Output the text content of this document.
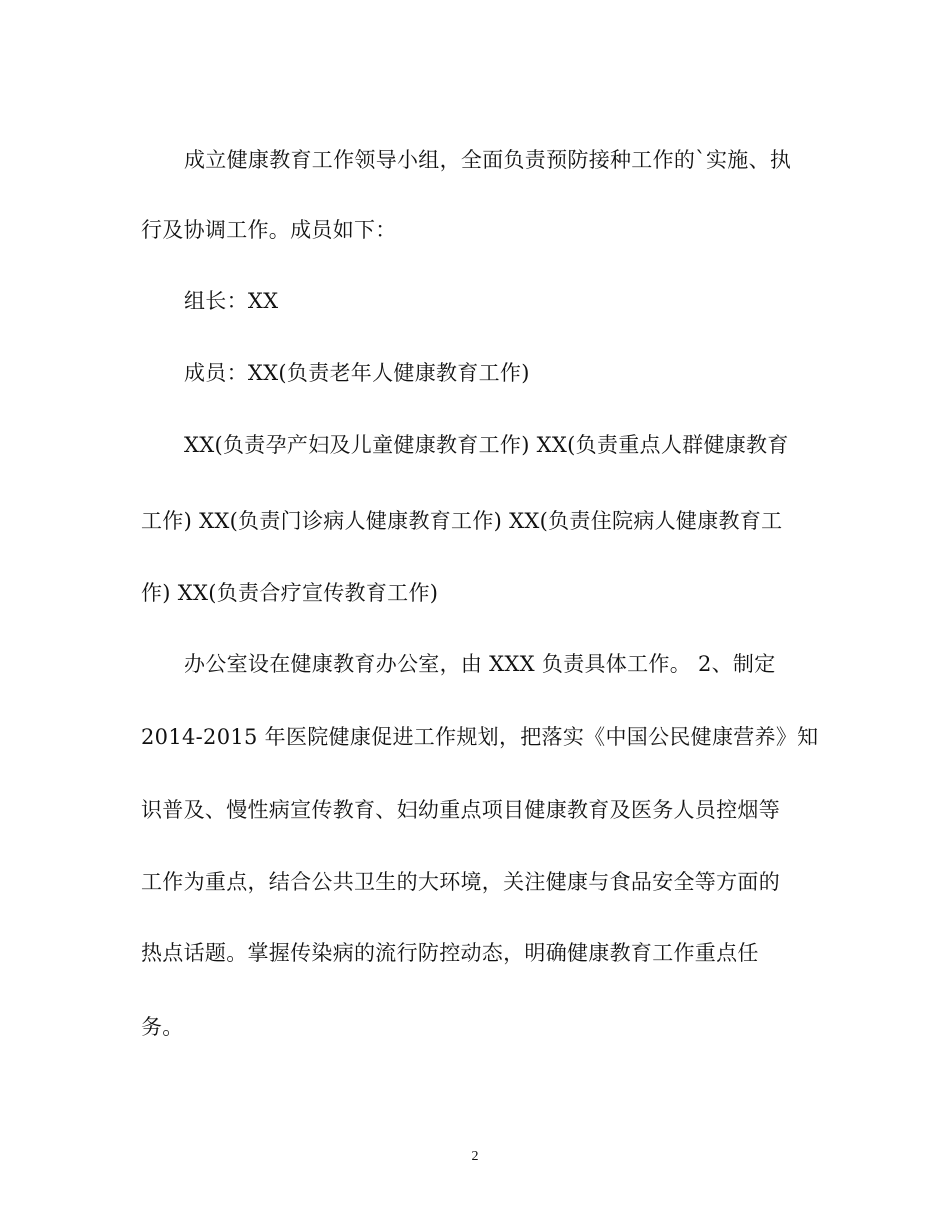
成立健康教育工作领导小组，全面负责预防接种工作的`实施、执
行及协调工作。成员如下：
组长：XX
成员：XX(负责老年人健康教育工作)
XX(负责孕产妇及儿童健康教育工作) XX(负责重点人群健康教育
工作) XX(负责门诊病人健康教育工作) XX(负责住院病人健康教育工
作) XX(负责合疗宣传教育工作)
办公室设在健康教育办公室，由 XXX 负责具体工作。 2、制定
2014-2015 年医院健康促进工作规划，把落实《中国公民健康营养》知
识普及、慢性病宣传教育、妇幼重点项目健康教育及医务人员控烟等
工作为重点，结合公共卫生的大环境，关注健康与食品安全等方面的
热点话题。掌握传染病的流行防控动态，明确健康教育工作重点任
务。
2
